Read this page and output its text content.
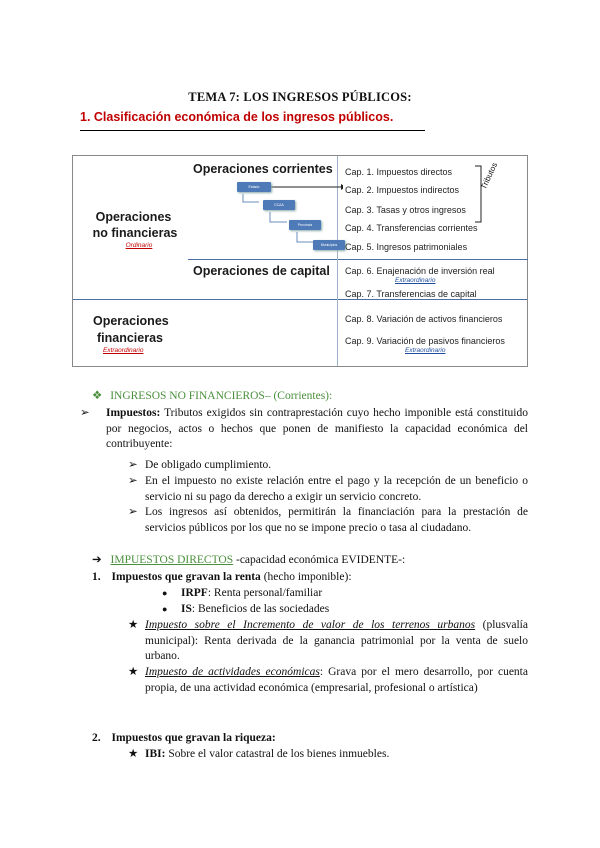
TEMA 7: LOS INGRESOS PÚBLICOS:
1. Clasificación económica de los ingresos públicos.
Operaciones
no financieras
Ordinario
Operaciones corrientes
Operaciones de capital
Operaciones
financieras
Extraordinario
Estado
CCAA
Provincia
Municipios
Cap. 1. Impuestos directos
Cap. 2. Impuestos indirectos
Cap. 3. Tasas y otros ingresos
Cap. 4. Transferencias corrientes
Cap. 5. Ingresos patrimoniales
Cap. 6. Enajenación de inversión real
Extraordinario
Cap. 7. Transferencias de capital
Cap. 8. Variación de activos financieros
Cap. 9. Variación de pasivos financieros
Extraordinario
Tributos
❖ INGRESOS NO FINANCIEROS– (Corrientes):
➢ Impuestos: Tributos exigidos sin contraprestación cuyo hecho imponible está constituido por negocios, actos o hechos que ponen de manifiesto la capacidad económica del contribuyente:
➢ De obligado cumplimiento.
➢ En el impuesto no existe relación entre el pago y la recepción de un beneficio o servicio ni su pago da derecho a exigir un servicio concreto.
➢ Los ingresos así obtenidos, permitirán la financiación para la prestación de servicios públicos por los que no se impone precio o tasa al ciudadano.
➔ IMPUESTOS DIRECTOS -capacidad económica EVIDENTE-:
1. Impuestos que gravan la renta (hecho imponible):
● IRPF: Renta personal/familiar
● IS: Beneficios de las sociedades
★ Impuesto sobre el Incremento de valor de los terrenos urbanos (plusvalía municipal): Renta derivada de la ganancia patrimonial por la venta de suelo urbano.
★ Impuesto de actividades económicas: Grava por el mero desarrollo, por cuenta propia, de una actividad económica (empresarial, profesional o artística)
2. Impuestos que gravan la riqueza:
★ IBI: Sobre el valor catastral de los bienes inmuebles.
